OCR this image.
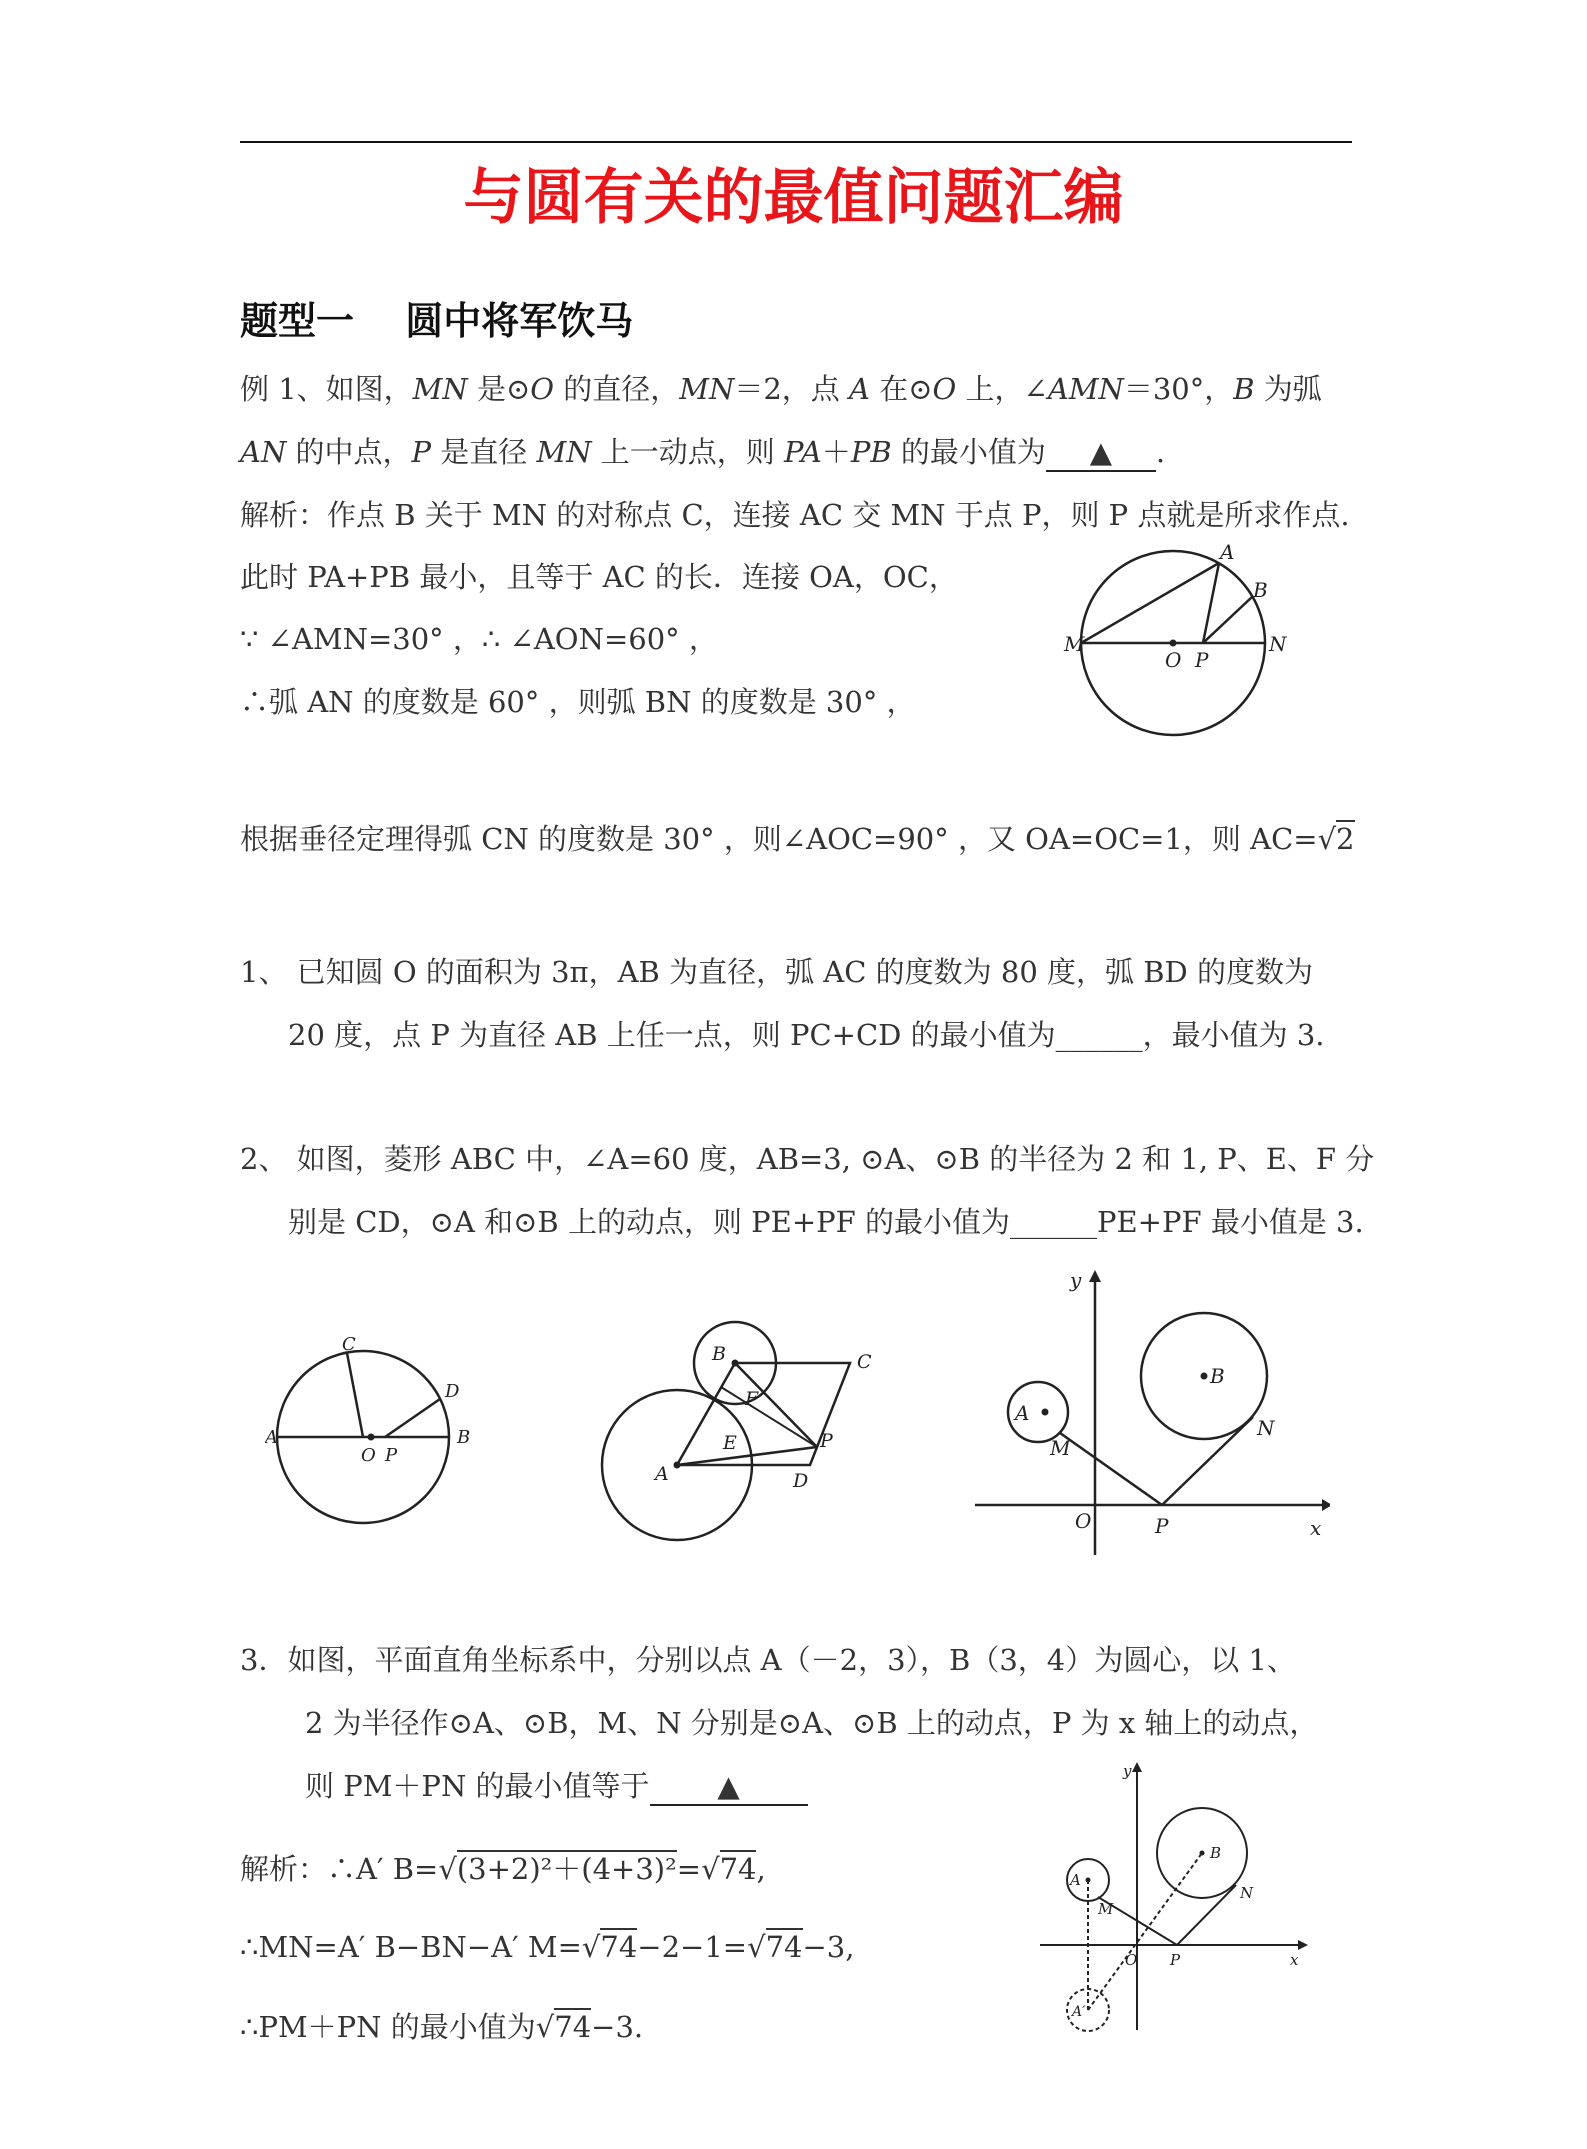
与圆有关的最值问题汇编
题型一　 圆中将军饮马
例 1、如图，MN 是⊙O 的直径，MN＝2，点 A 在⊙O 上，∠AMN＝30°，B 为弧
AN 的中点，P 是直径 MN 上一动点，则 PA＋PB 的最小值为 ▲ .
解析：作点 B 关于 MN 的对称点 C，连接 AC 交 MN 于点 P，则 P 点就是所求作点.
此时 PA+PB 最小，且等于 AC 的长．连接 OA，OC，
∵ ∠AMN=30° ，∴ ∠AON=60° ，
∴弧 AN 的度数是 60° ，则弧 BN 的度数是 30° ，
根据垂径定理得弧 CN 的度数是 30° ，则∠AOC=90° ，又 OA=OC=1，则 AC=√2
A
B
M	N
O P
1、 已知圆 O 的面积为 3π，AB 为直径，弧 AC 的度数为 80 度，弧 BD 的度数为
20 度，点 P 为直径 AB 上任一点，则 PC+CD 的最小值为______，最小值为 3.
2、 如图，菱形 ABC 中，∠A=60 度，AB=3, ⊙A、⊙B 的半径为 2 和 1, P、E、F 分
别是 CD，⊙A 和⊙B 上的动点，则 PE+PF 的最小值为______PE+PF 最小值是 3.
C
D
A	B
O P
B	C
F
E	P
A	D
y
A
B
M
N
O	P	x
3．如图，平面直角坐标系中，分别以点 A（－2，3），B（3，4）为圆心，以 1、
2 为半径作⊙A、⊙B，M、N 分别是⊙A、⊙B 上的动点，P 为 x 轴上的动点，
则 PM＋PN 的最小值等于 ▲
解析：∴A′ B=√(3+2)²＋(4+3)²=√74,
∴MN=A′ B−BN−A′ M=√74−2−1=√74−3,
∴PM＋PN 的最小值为√74−3.
y
A
B
M
N
O P	x
A′
